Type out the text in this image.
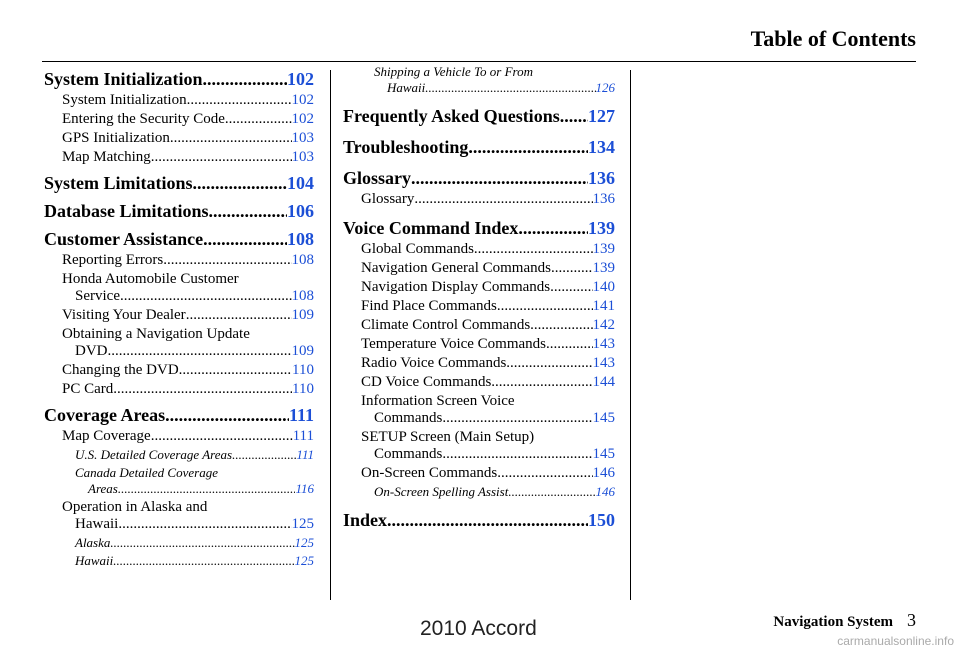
Table of Contents
System Initialization .....	102
System Initialization .....	102
Entering the Security Code .....	102
GPS Initialization .....	103
Map Matching .....	103
System Limitations .....	104
Database Limitations .....	106
Customer Assistance .....	108
Reporting Errors .....	108
Honda Automobile Customer
Service .....	108
Visiting Your Dealer .....	109
Obtaining a Navigation Update
DVD .....	109
Changing the DVD .....	110
PC Card .....	110
Coverage Areas .....	111
Map Coverage .....	111
U.S. Detailed Coverage Areas .....	111
Canada Detailed Coverage
Areas .....	116
Operation in Alaska and
Hawaii .....	125
Alaska .....	125
Hawaii .....	125
Shipping a Vehicle To or From
Hawaii .....	126
Frequently Asked Questions... ..... 127
Troubleshooting .....	134
Glossary .....	136
Glossary .....	136
Voice Command Index .....	139
Global Commands .....	139
Navigation General Commands... ..... 139
Navigation Display Commands... ..... 140
Find Place Commands .....	141
Climate Control Commands .....	142
Temperature Voice Commands... ..... 143
Radio Voice Commands .....	143
CD Voice Commands .....	144
Information Screen Voice
Commands .....	145
SETUP Screen (Main Setup)
Commands .....	145
On-Screen Commands .....	146
On-Screen Spelling Assist .....	146
Index .....	150
Navigation System 3
2010 Accord
carmanualsonline.info
